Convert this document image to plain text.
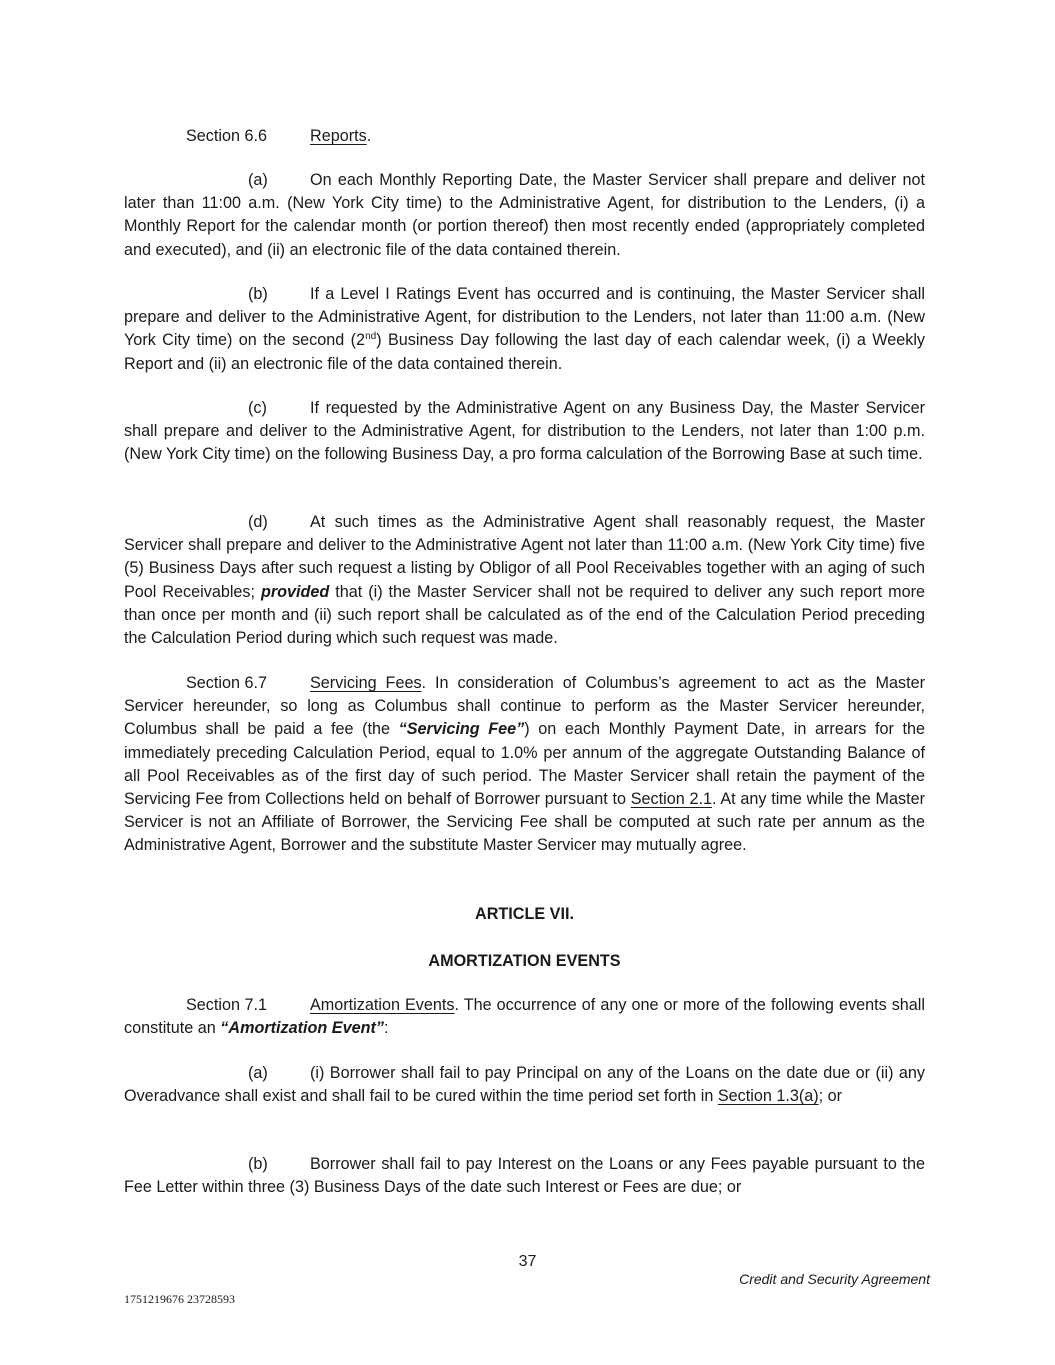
Section 6.6	Reports.
(a)	On each Monthly Reporting Date, the Master Servicer shall prepare and deliver not later than 11:00 a.m. (New York City time) to the Administrative Agent, for distribution to the Lenders, (i) a Monthly Report for the calendar month (or portion thereof) then most recently ended (appropriately completed and executed), and (ii) an electronic file of the data contained therein.
(b)	If a Level I Ratings Event has occurred and is continuing, the Master Servicer shall prepare and deliver to the Administrative Agent, for distribution to the Lenders, not later than 11:00 a.m. (New York City time) on the second (2nd) Business Day following the last day of each calendar week, (i) a Weekly Report and (ii) an electronic file of the data contained therein.
(c)	If requested by the Administrative Agent on any Business Day, the Master Servicer shall prepare and deliver to the Administrative Agent, for distribution to the Lenders, not later than 1:00 p.m. (New York City time) on the following Business Day, a pro forma calculation of the Borrowing Base at such time.
(d)	At such times as the Administrative Agent shall reasonably request, the Master Servicer shall prepare and deliver to the Administrative Agent not later than 11:00 a.m. (New York City time) five (5) Business Days after such request a listing by Obligor of all Pool Receivables together with an aging of such Pool Receivables; provided that (i) the Master Servicer shall not be required to deliver any such report more than once per month and (ii) such report shall be calculated as of the end of the Calculation Period preceding the Calculation Period during which such request was made.
Section 6.7	Servicing Fees. In consideration of Columbus’s agreement to act as the Master Servicer hereunder, so long as Columbus shall continue to perform as the Master Servicer hereunder, Columbus shall be paid a fee (the “Servicing Fee”) on each Monthly Payment Date, in arrears for the immediately preceding Calculation Period, equal to 1.0% per annum of the aggregate Outstanding Balance of all Pool Receivables as of the first day of such period. The Master Servicer shall retain the payment of the Servicing Fee from Collections held on behalf of Borrower pursuant to Section 2.1. At any time while the Master Servicer is not an Affiliate of Borrower, the Servicing Fee shall be computed at such rate per annum as the Administrative Agent, Borrower and the substitute Master Servicer may mutually agree.
ARTICLE VII.
AMORTIZATION EVENTS
Section 7.1	Amortization Events. The occurrence of any one or more of the following events shall constitute an “Amortization Event”:
(a)	(i) Borrower shall fail to pay Principal on any of the Loans on the date due or (ii) any Overadvance shall exist and shall fail to be cured within the time period set forth in Section 1.3(a); or
(b)	Borrower shall fail to pay Interest on the Loans or any Fees payable pursuant to the Fee Letter within three (3) Business Days of the date such Interest or Fees are due; or
37
Credit and Security Agreement
1751219676 23728593
